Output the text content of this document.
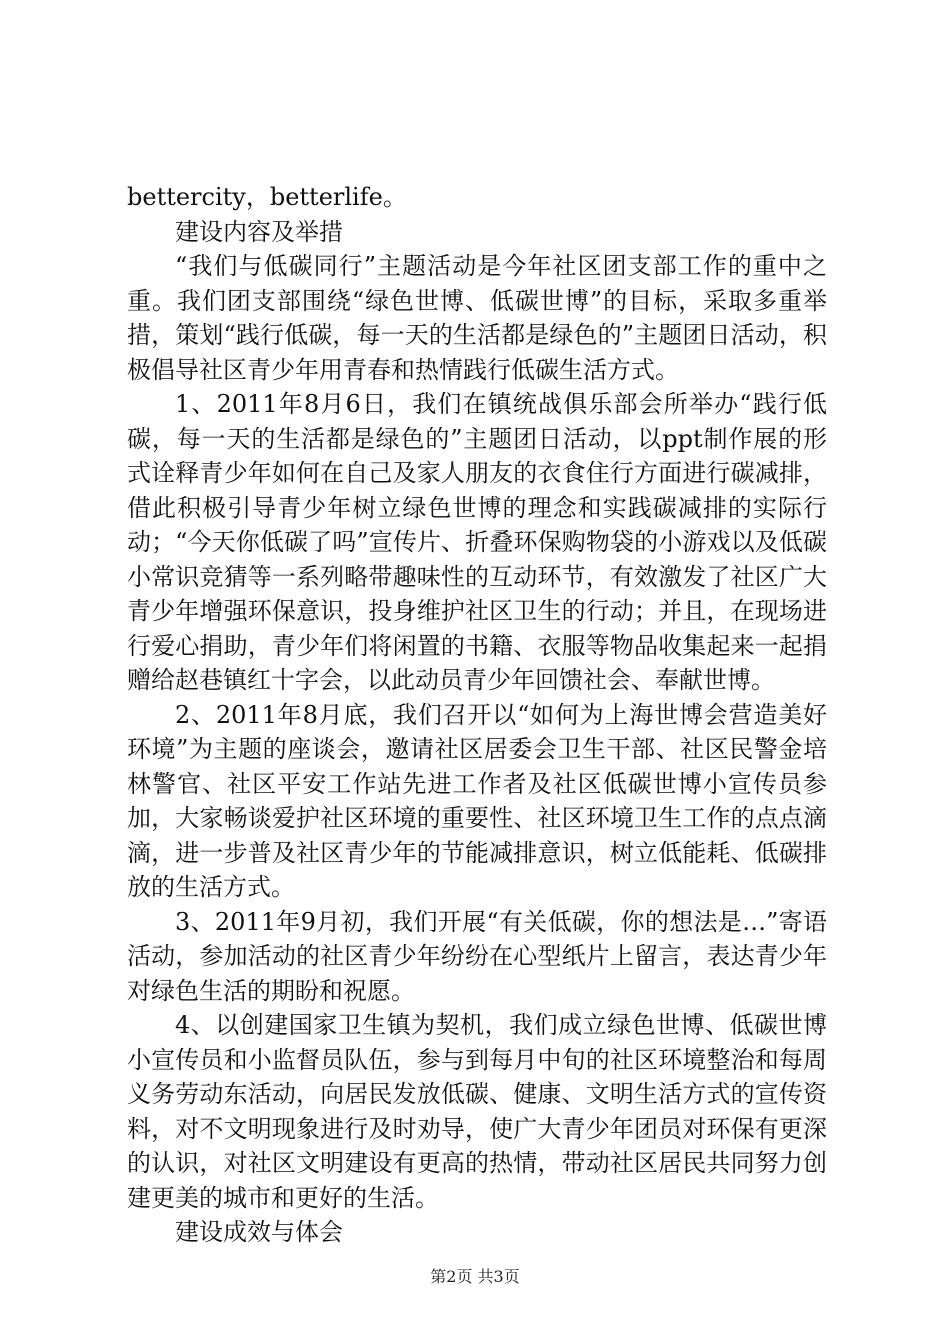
bettercity，betterlife。

建设内容及举措

“我们与低碳同行”主题活动是今年社区团支部工作的重中之重。我们团支部围绕“绿色世博、低碳世博”的目标，采取多重举措，策划“践行低碳，每一天的生活都是绿色的”主题团日活动，积极倡导社区青少年用青春和热情践行低碳生活方式。

1、2011年8月6日，我们在镇统战俱乐部会所举办“践行低碳，每一天的生活都是绿色的”主题团日活动，以ppt制作展的形式诠释青少年如何在自己及家人朋友的衣食住行方面进行碳减排，借此积极引导青少年树立绿色世博的理念和实践碳减排的实际行动；“今天你低碳了吗”宣传片、折叠环保购物袋的小游戏以及低碳小常识竞猜等一系列略带趣味性的互动环节，有效激发了社区广大青少年增强环保意识，投身维护社区卫生的行动；并且，在现场进行爱心捐助，青少年们将闲置的书籍、衣服等物品收集起来一起捐赠给赵巷镇红十字会，以此动员青少年回馈社会、奉献世博。

2、2011年8月底，我们召开以“如何为上海世博会营造美好环境”为主题的座谈会，邀请社区居委会卫生干部、社区民警金培林警官、社区平安工作站先进工作者及社区低碳世博小宣传员参加，大家畅谈爱护社区环境的重要性、社区环境卫生工作的点点滴滴，进一步普及社区青少年的节能减排意识，树立低能耗、低碳排放的生活方式。

3、2011年9月初，我们开展“有关低碳，你的想法是…”寄语活动，参加活动的社区青少年纷纷在心型纸片上留言，表达青少年对绿色生活的期盼和祝愿。

4、以创建国家卫生镇为契机，我们成立绿色世博、低碳世博小宣传员和小监督员队伍，参与到每月中旬的社区环境整治和每周义务劳动东活动，向居民发放低碳、健康、文明生活方式的宣传资料，对不文明现象进行及时劝导，使广大青少年团员对环保有更深的认识，对社区文明建设有更高的热情，带动社区居民共同努力创建更美的城市和更好的生活。

建设成效与体会

第2页 共3页
